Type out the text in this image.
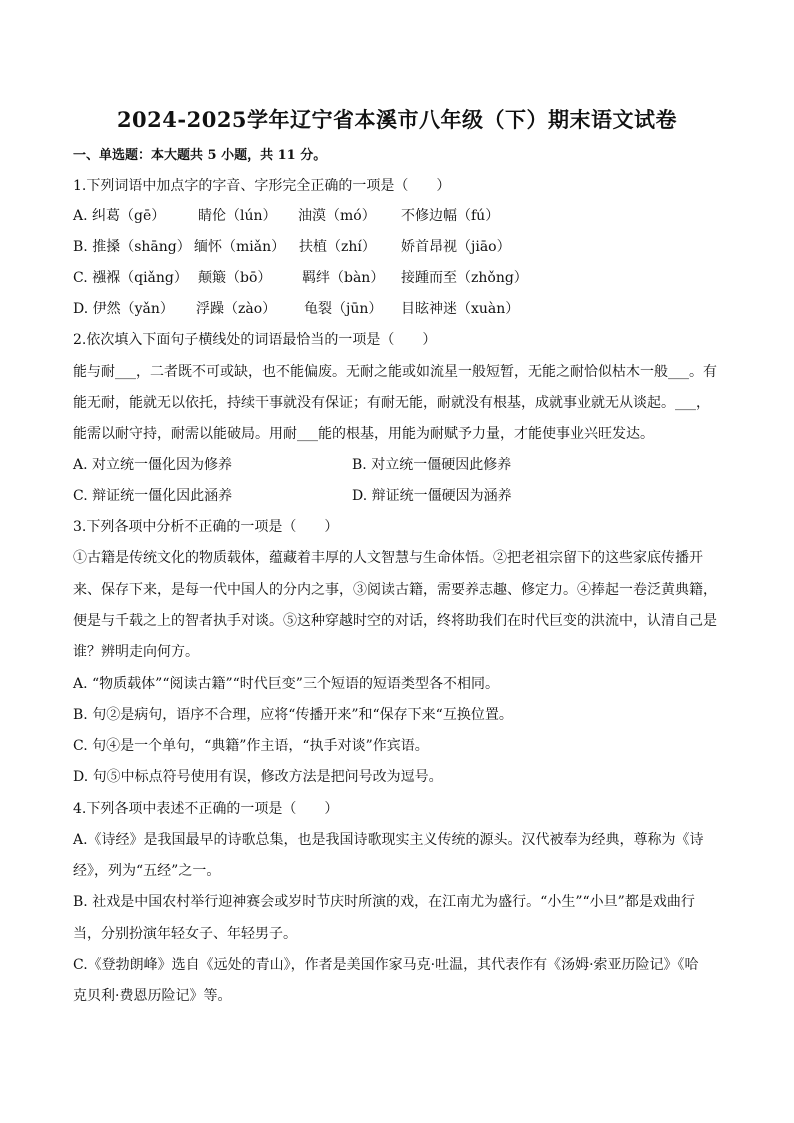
2024-2025学年辽宁省本溪市八年级（下）期末语文试卷
一、单选题：本大题共 5 小题，共 11 分。
1.下列词语中加点字的字音、字形完全正确的一项是（　　）
A. 纠葛（gē） 睛伦（lún） 油漠（mó） 不修边幅（fú）
B. 推搡（shāng） 缅怀（miǎn） 扶植（zhí） 娇首昂视（jiāo）
C. 襁褓（qiǎng） 颠簸（bō） 羁绊（bàn） 接踵而至（zhǒng）
D. 伊然（yǎn） 浮躁（zào） 龟裂（jūn） 目眩神迷（xuàn）
2.依次填入下面句子横线处的词语最恰当的一项是（　　）
能与耐___，二者既不可或缺，也不能偏废。无耐之能或如流星一般短暂，无能之耐恰似枯木一般___。有
能无耐，能就无以依托，持续干事就没有保证；有耐无能，耐就没有根基，成就事业就无从谈起。___，
能需以耐守持，耐需以能破局。用耐___能的根基，用能为耐赋予力量，才能使事业兴旺发达。
A. 对立统一僵化因为修养	B. 对立统一僵硬因此修养
C. 辩证统一僵化因此涵养	D. 辩证统一僵硬因为涵养
3.下列各项中分析不正确的一项是（　　）
①古籍是传统文化的物质载体，蕴藏着丰厚的人文智慧与生命体悟。②把老祖宗留下的这些家底传播开
来、保存下来，是每一代中国人的分内之事，③阅读古籍，需要养志趣、修定力。④捧起一卷泛黄典籍，
便是与千载之上的智者执手对谈。⑤这种穿越时空的对话，终将助我们在时代巨变的洪流中，认清自己是
谁？辨明走向何方。
A. “物质载体”“阅读古籍”“时代巨变”三个短语的短语类型各不相同。
B. 句②是病句，语序不合理，应将“传播开来”和“保存下来“互换位置。
C. 句④是一个单句，“典籍”作主语，“执手对谈”作宾语。
D. 句⑤中标点符号使用有误，修改方法是把问号改为逗号。
4.下列各项中表述不正确的一项是（　　）
A.《诗经》是我国最早的诗歌总集，也是我国诗歌现实主义传统的源头。汉代被奉为经典，尊称为《诗
经》，列为“五经”之一。
B. 社戏是中国农村举行迎神赛会或岁时节庆时所演的戏，在江南尤为盛行。“小生”“小旦”都是戏曲行
当，分别扮演年轻女子、年轻男子。
C.《登勃朗峰》选自《远处的青山》，作者是美国作家马克·吐温，其代表作有《汤姆·索亚历险记》《哈
克贝利·费恩历险记》等。
